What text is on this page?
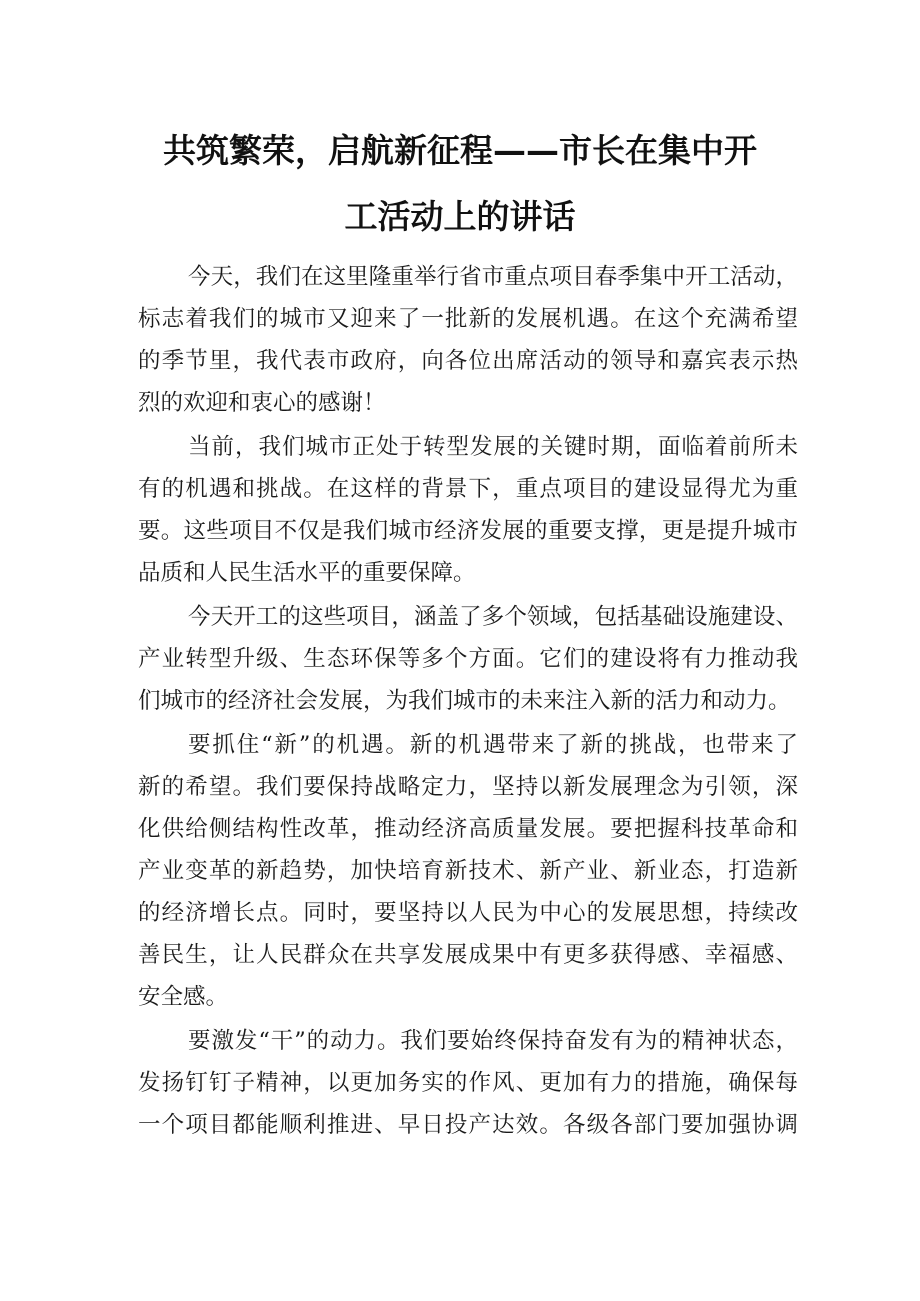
共筑繁荣，启航新征程——市长在集中开
工活动上的讲话
今天，我们在这里隆重举行省市重点项目春季集中开工活动，
标志着我们的城市又迎来了一批新的发展机遇。在这个充满希望
的季节里，我代表市政府，向各位出席活动的领导和嘉宾表示热
烈的欢迎和衷心的感谢！
当前，我们城市正处于转型发展的关键时期，面临着前所未
有的机遇和挑战。在这样的背景下，重点项目的建设显得尤为重
要。这些项目不仅是我们城市经济发展的重要支撑，更是提升城市
品质和人民生活水平的重要保障。
今天开工的这些项目，涵盖了多个领域，包括基础设施建设、
产业转型升级、生态环保等多个方面。它们的建设将有力推动我
们城市的经济社会发展，为我们城市的未来注入新的活力和动力。
要抓住“新”的机遇。新的机遇带来了新的挑战，也带来了
新的希望。我们要保持战略定力，坚持以新发展理念为引领，深
化供给侧结构性改革，推动经济高质量发展。要把握科技革命和
产业变革的新趋势，加快培育新技术、新产业、新业态，打造新
的经济增长点。同时，要坚持以人民为中心的发展思想，持续改
善民生，让人民群众在共享发展成果中有更多获得感、幸福感、
安全感。
要激发“干”的动力。我们要始终保持奋发有为的精神状态，
发扬钉钉子精神，以更加务实的作风、更加有力的措施，确保每
一个项目都能顺利推进、早日投产达效。各级各部门要加强协调
